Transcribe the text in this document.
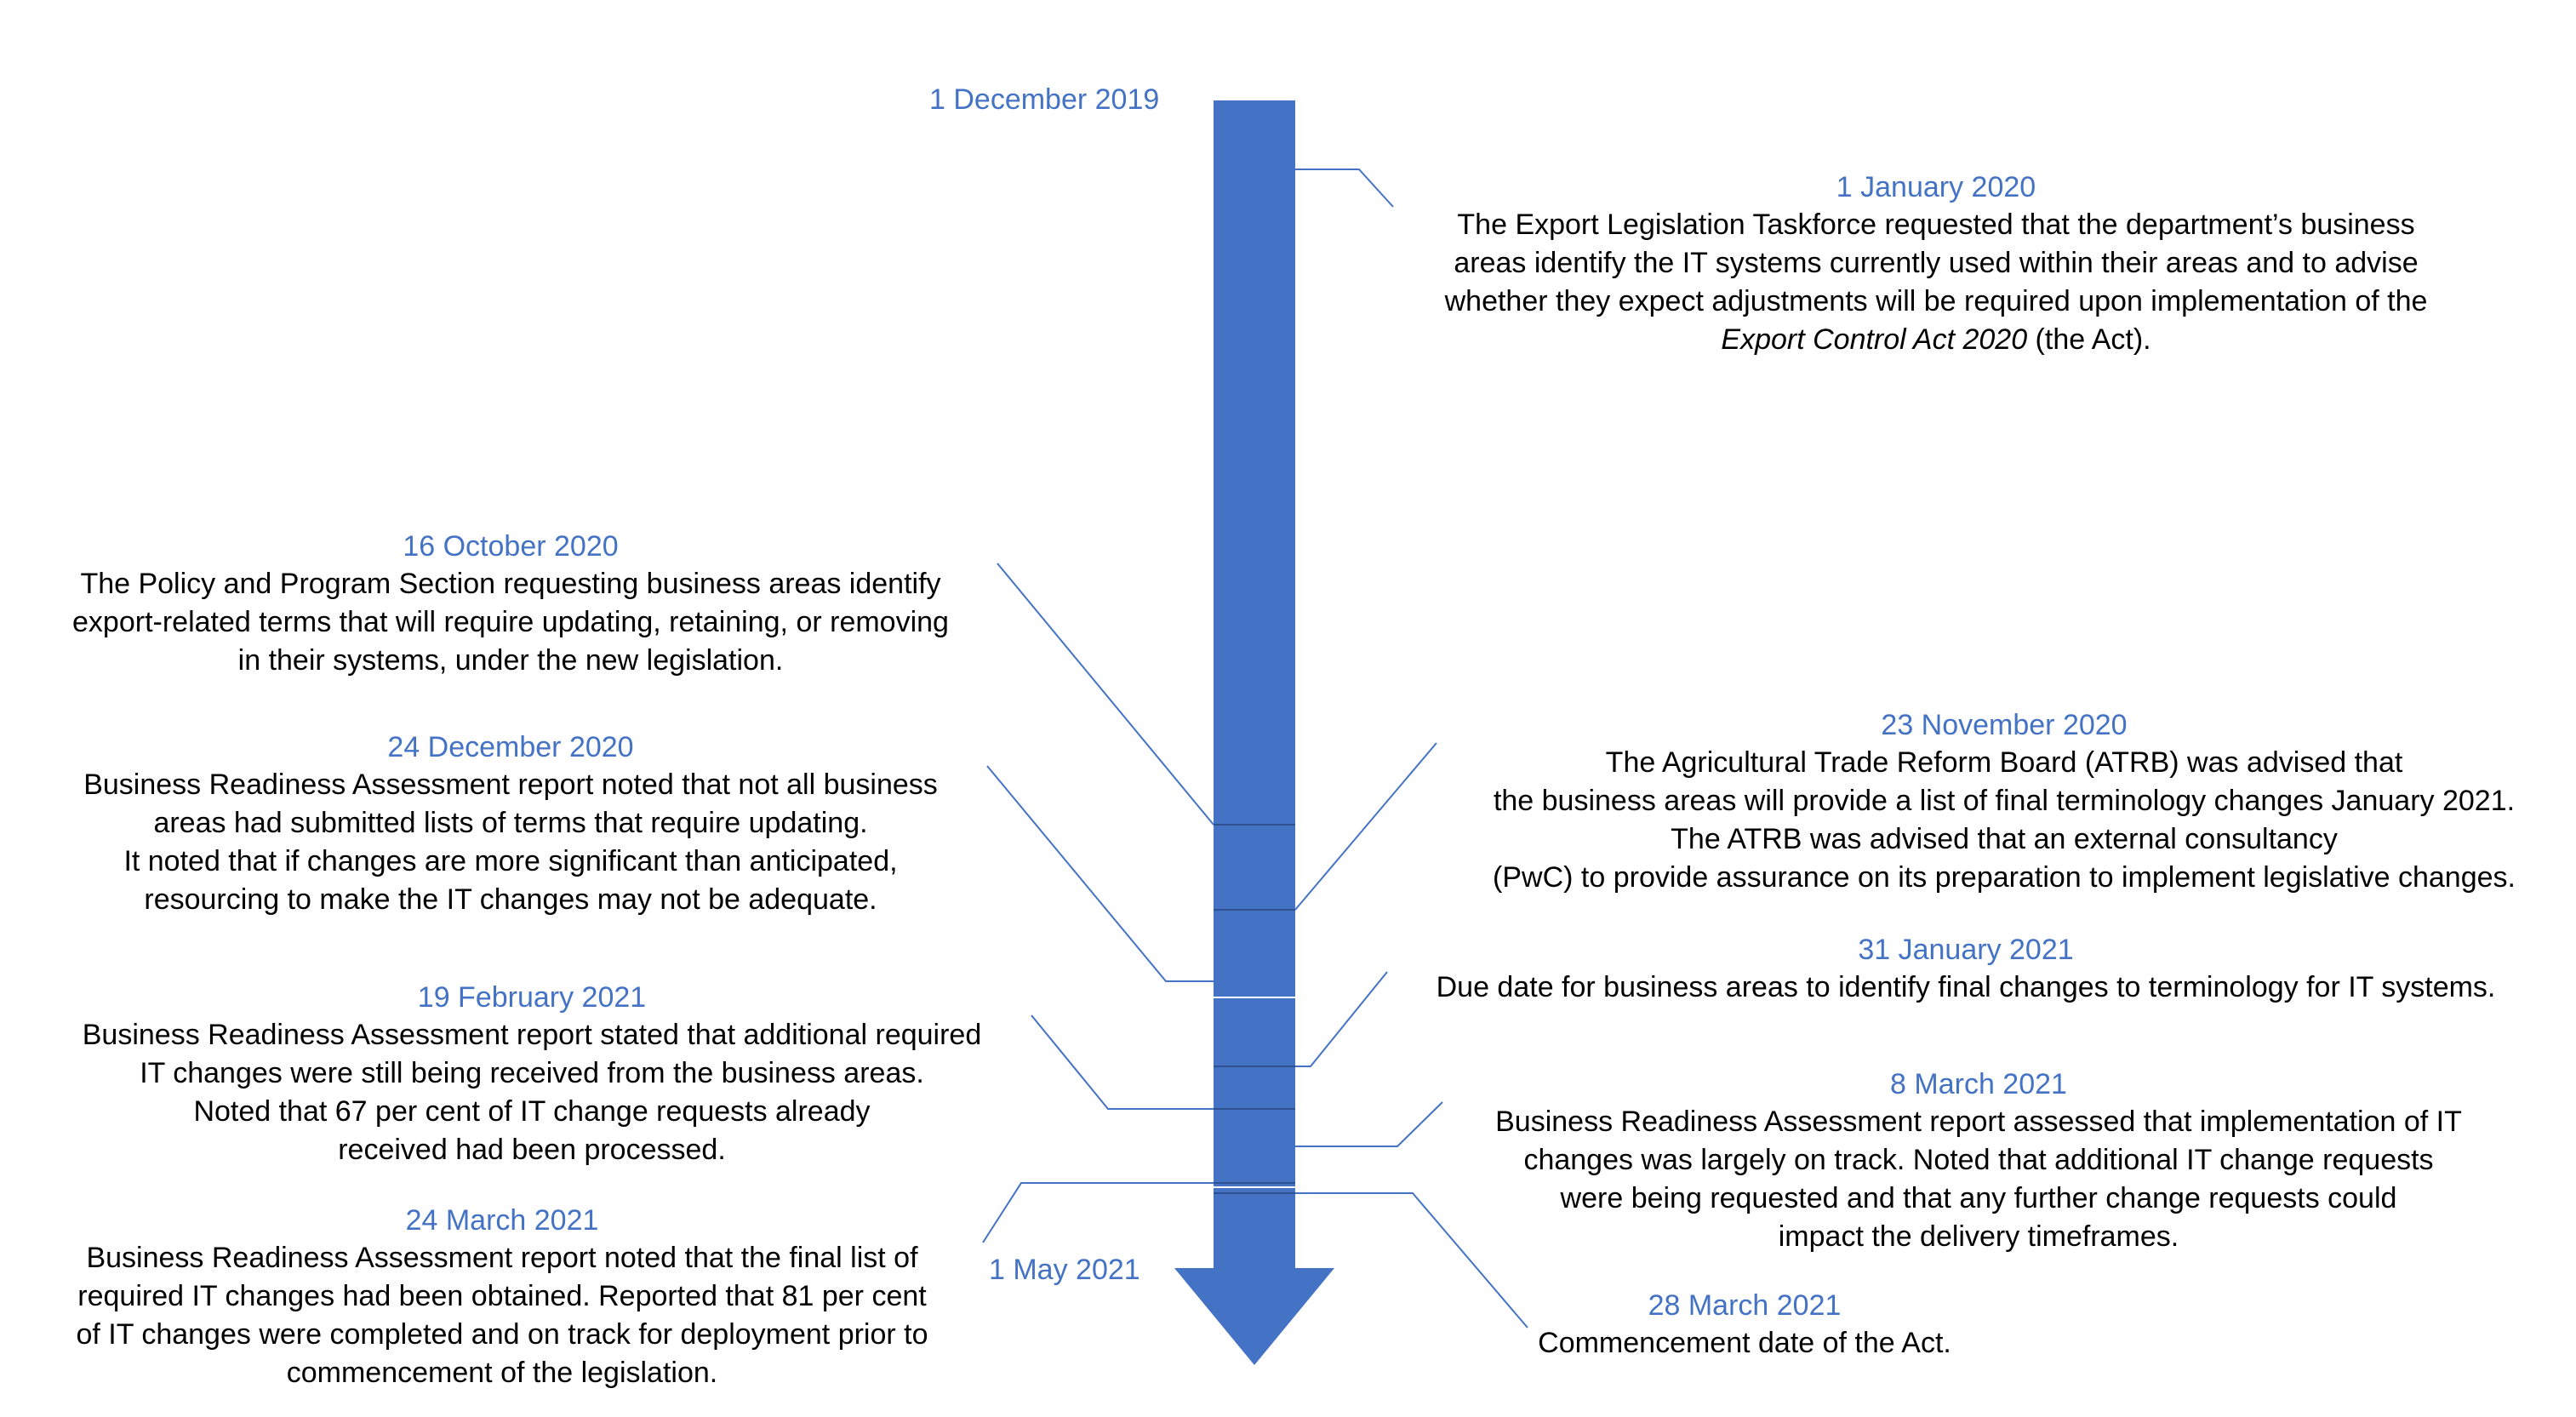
1 December 2019
1 May 2021
1 January 2020
The Export Legislation Taskforce requested that the department’s business
areas identify the IT systems currently used within their areas and to advise
whether they expect adjustments will be required upon implementation of the
Export Control Act 2020 (the Act).
16 October 2020
The Policy and Program Section requesting business areas identify
export-related terms that will require updating, retaining, or removing
in their systems, under the new legislation.
23 November 2020
The Agricultural Trade Reform Board (ATRB) was advised that
the business areas will provide a list of final terminology changes January 2021.
The ATRB was advised that an external consultancy
(PwC) to provide assurance on its preparation to implement legislative changes.
24 December 2020
Business Readiness Assessment report noted that not all business
areas had submitted lists of terms that require updating.
It noted that if changes are more significant than anticipated,
resourcing to make the IT changes may not be adequate.
31 January 2021
Due date for business areas to identify final changes to terminology for IT systems.
19 February 2021
Business Readiness Assessment report stated that additional required
IT changes were still being received from the business areas.
Noted that 67 per cent of IT change requests already
received had been processed.
8 March 2021
Business Readiness Assessment report assessed that implementation of IT
changes was largely on track. Noted that additional IT change requests
were being requested and that any further change requests could
impact the delivery timeframes.
24 March 2021
Business Readiness Assessment report noted that the final list of
required IT changes had been obtained. Reported that 81 per cent
of IT changes were completed and on track for deployment prior to
commencement of the legislation.
28 March 2021
Commencement date of the Act.
